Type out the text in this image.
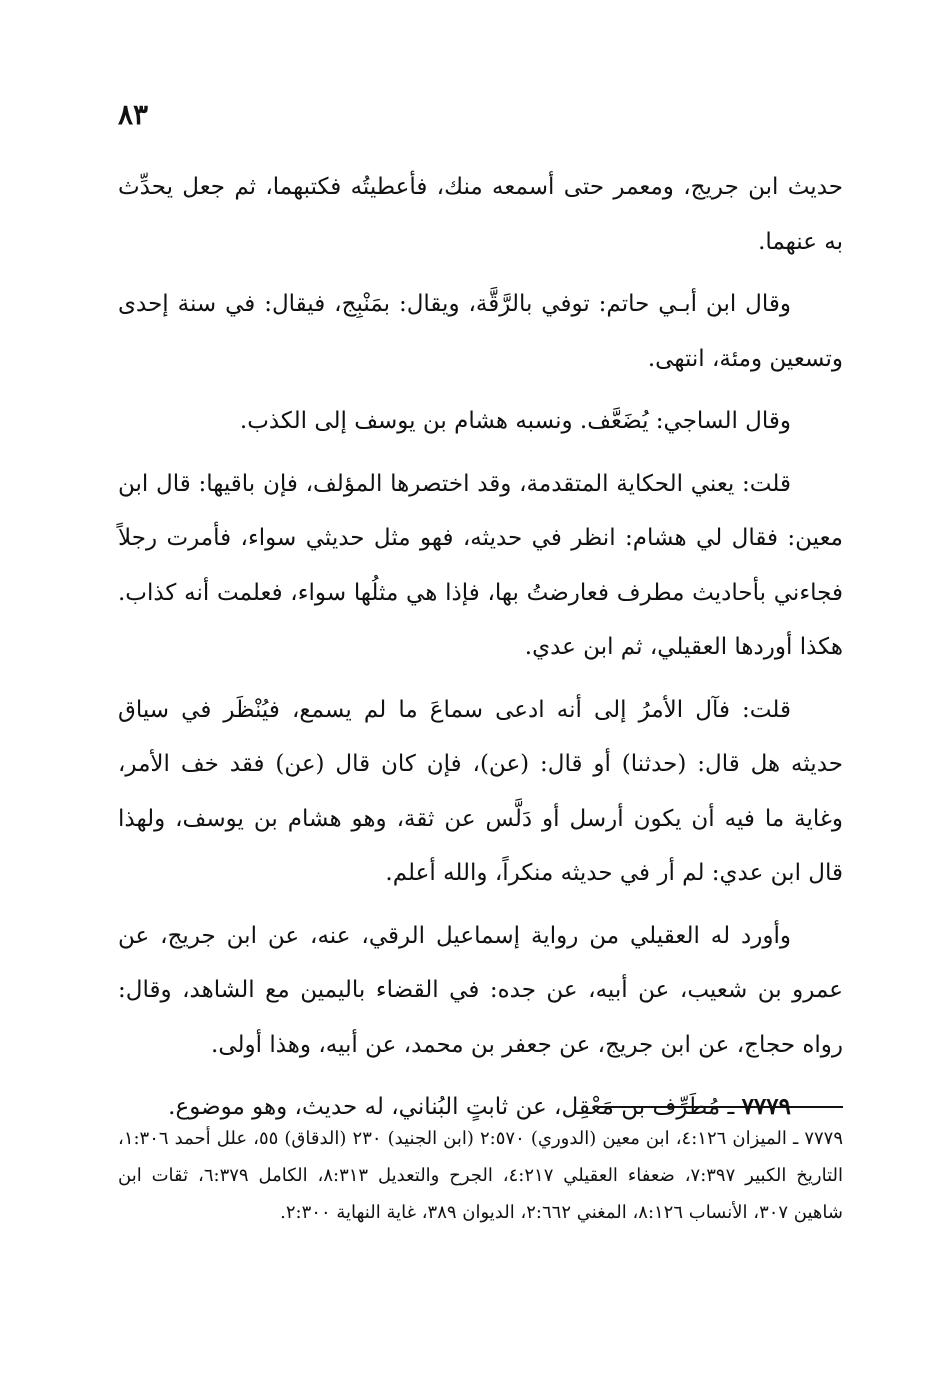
٨٣

حديث ابن جريج، ومعمر حتى أسمعه منك، فأعطيتُه فكتبهما، ثم جعل يحدِّث به عنهما.

وقال ابن أبـي حاتم: توفي بالرَّقَّة، ويقال: بمَنْبِج، فيقال: في سنة إحدى وتسعين ومئة، انتهى.

وقال الساجي: يُضَعَّف. ونسبه هشام بن يوسف إلى الكذب.

قلت: يعني الحكاية المتقدمة، وقد اختصرها المؤلف، فإن باقيها: قال ابن معين: فقال لي هشام: انظر في حديثه، فهو مثل حديثي سواء، فأمرت رجلاً فجاءني بأحاديث مطرف فعارضتُ بها، فإذا هي مثلُها سواء، فعلمت أنه كذاب. هكذا أوردها العقيلي، ثم ابن عدي.

قلت: فآل الأمرُ إلى أنه ادعى سماعَ ما لم يسمع، فيُنْظَر في سياق حديثه هل قال: (حدثنا) أو قال: (عن)، فإن كان قال (عن) فقد خف الأمر، وغاية ما فيه أن يكون أرسل أو دَلَّس عن ثقة، وهو هشام بن يوسف، ولهذا قال ابن عدي: لم أر في حديثه منكراً، والله أعلم.

وأورد له العقيلي من رواية إسماعيل الرقي، عنه، عن ابن جريج، عن عمرو بن شعيب، عن أبيه، عن جده: في القضاء باليمين مع الشاهد، وقال: رواه حجاج، عن ابن جريج، عن جعفر بن محمد، عن أبيه، وهذا أولى.

٧٧٧٩ ـ مُطَرِّف بن مَعْقِل، عن ثابتٍ البُناني، له حديث، وهو موضوع.

٧٧٧٩ ـ الميزان ٤:١٢٦، ابن معين (الدوري) ٢:٥٧٠ (ابن الجنيد) ٢٣٠ (الدقاق) ٥٥، علل أحمد ١:٣٠٦، التاريخ الكبير ٧:٣٩٧، ضعفاء العقيلي ٤:٢١٧، الجرح والتعديل ٨:٣١٣، الكامل ٦:٣٧٩، ثقات ابن شاهين ٣٠٧، الأنساب ٨:١٢٦، المغني ٢:٦٦٢، الديوان ٣٨٩، غاية النهاية ٢:٣٠٠.
